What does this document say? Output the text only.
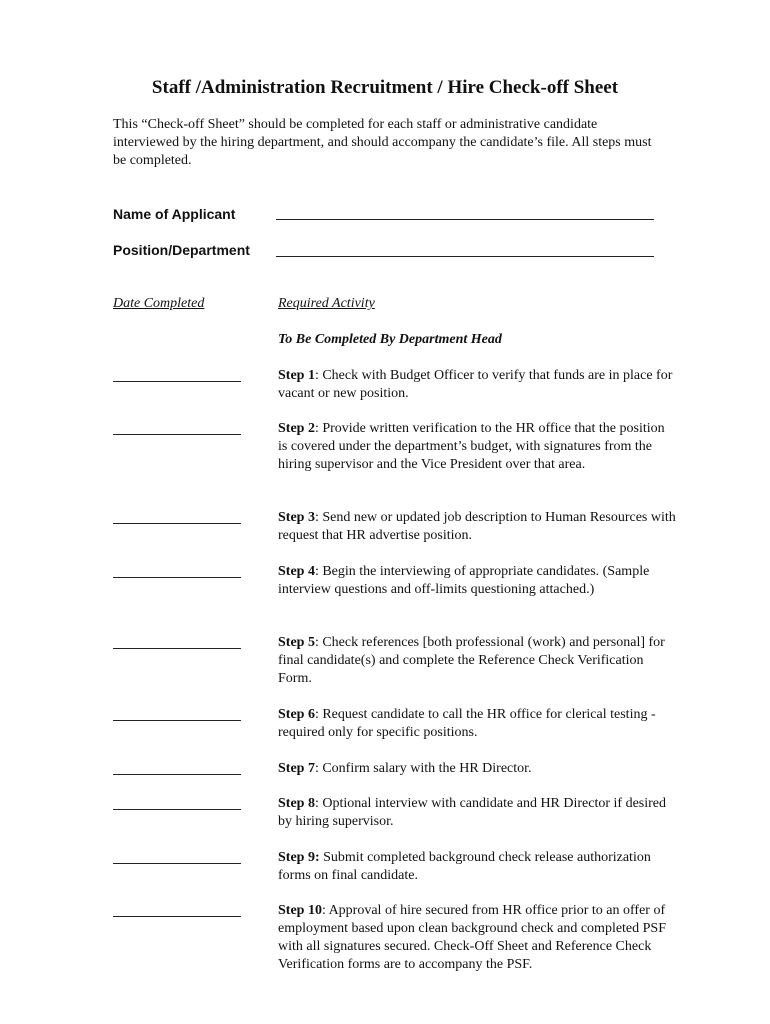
Staff /Administration Recruitment / Hire Check-off Sheet
This “Check-off Sheet” should be completed for each staff or administrative candidate interviewed by the hiring department, and should accompany the candidate’s file. All steps must be completed.
Name of Applicant
Position/Department
Date Completed	Required Activity
To Be Completed By Department Head
Step 1: Check with Budget Officer to verify that funds are in place for vacant or new position.
Step 2: Provide written verification to the HR office that the position is covered under the department’s budget, with signatures from the hiring supervisor and the Vice President over that area.
Step 3: Send new or updated job description to Human Resources with request that HR advertise position.
Step 4: Begin the interviewing of appropriate candidates. (Sample interview questions and off-limits questioning attached.)
Step 5: Check references [both professional (work) and personal] for final candidate(s) and complete the Reference Check Verification Form.
Step 6: Request candidate to call the HR office for clerical testing - required only for specific positions.
Step 7: Confirm salary with the HR Director.
Step 8: Optional interview with candidate and HR Director if desired by hiring supervisor.
Step 9: Submit completed background check release authorization forms on final candidate.
Step 10: Approval of hire secured from HR office prior to an offer of employment based upon clean background check and completed PSF with all signatures secured. Check-Off Sheet and Reference Check Verification forms are to accompany the PSF.
